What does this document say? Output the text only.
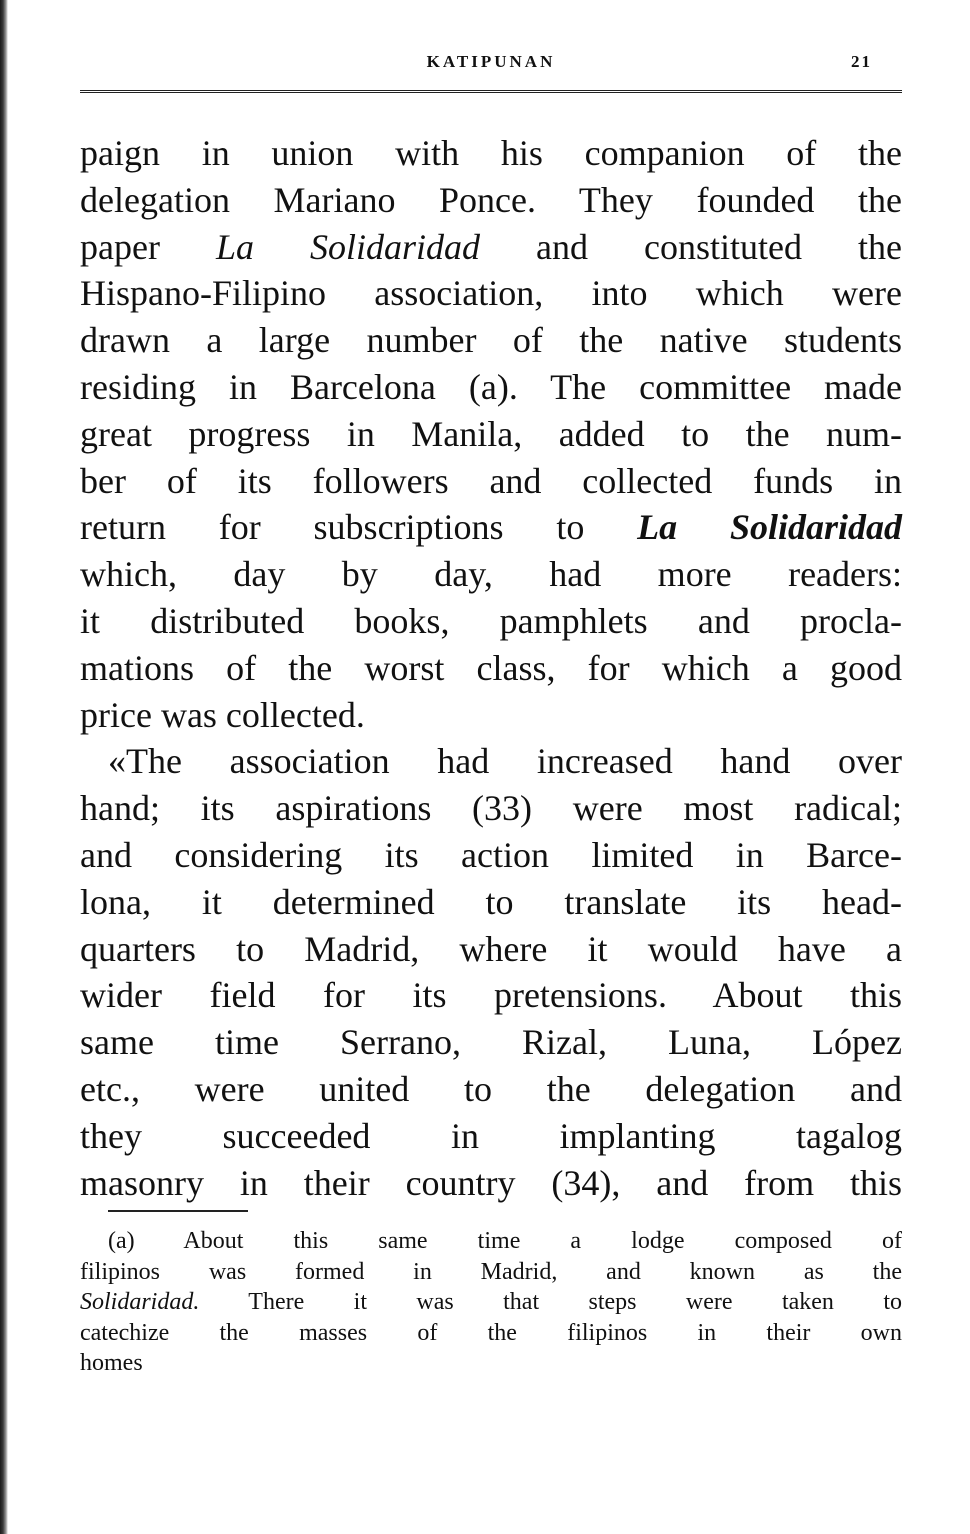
KATIPUNAN	21
paign in union with his companion of the
delegation Mariano Ponce. They founded the
paper La Solidaridad and constituted the
Hispano-Filipino association, into which were
drawn a large number of the native students
residing in Barcelona (a). The committee made
great progress in Manila, added to the num-
ber of its followers and collected funds in
return for subscriptions to La Solidaridad
which, day by day, had more readers:
it distributed books, pamphlets and procla-
mations of the worst class, for which a good
price was collected.
«The association had increased hand over
hand; its aspirations (33) were most radical;
and considering its action limited in Barce-
lona, it determined to translate its head-
quarters to Madrid, where it would have a
wider field for its pretensions. About this
same time Serrano, Rizal, Luna, López
etc., were united to the delegation and
they succeeded in implanting tagalog
masonry in their country (34), and from this
(a) About this same time a lodge composed of
filipinos was formed in Madrid, and known as the
Solidaridad. There it was that steps were taken to
catechize the masses of the filipinos in their own
homes
